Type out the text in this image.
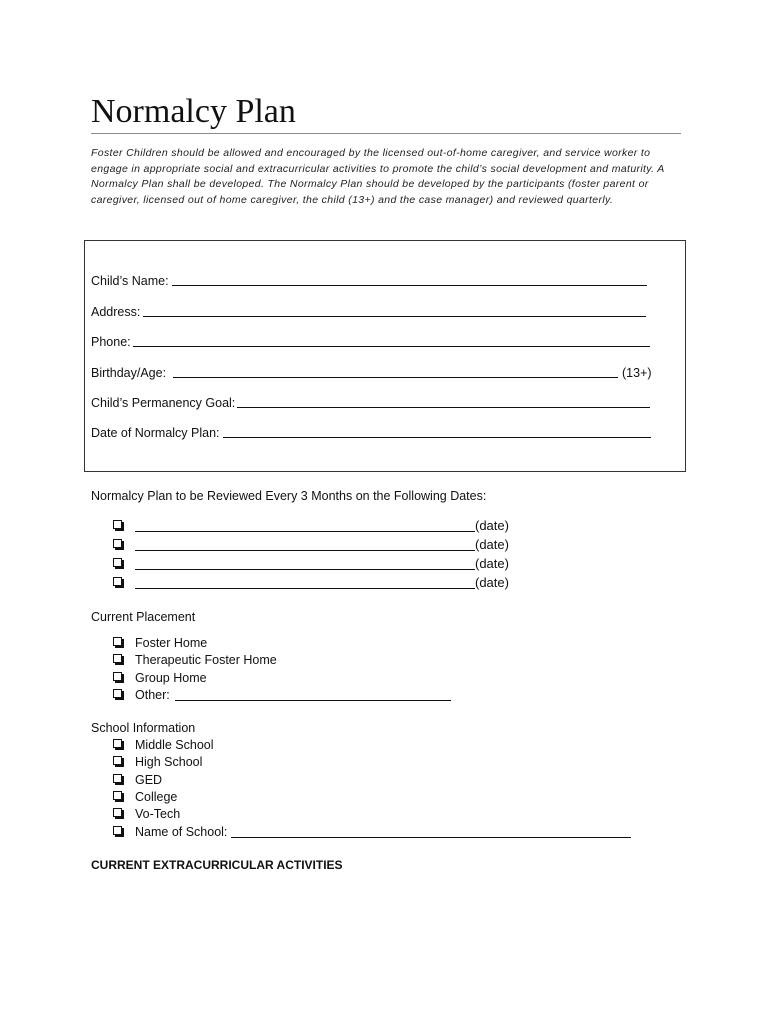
Normalcy Plan
Foster Children should be allowed and encouraged by the licensed out-of-home caregiver, and service worker to engage in appropriate social and extracurricular activities to promote the child’s social development and maturity. A Normalcy Plan shall be developed. The Normalcy Plan should be developed by the participants (foster parent or caregiver, licensed out of home caregiver, the child (13+) and the case manager) and reviewed quarterly.
Child’s Name:
Address:
Phone:
Birthday/Age:	(13+)
Child’s Permanency Goal:
Date of Normalcy Plan:
Normalcy Plan to be Reviewed Every 3 Months on the Following Dates:
(date)
(date)
(date)
(date)
Current Placement
Foster Home
Therapeutic Foster Home
Group Home
Other:
School Information
Middle School
High School
GED
College
Vo-Tech
Name of School:
CURRENT EXTRACURRICULAR ACTIVITIES
